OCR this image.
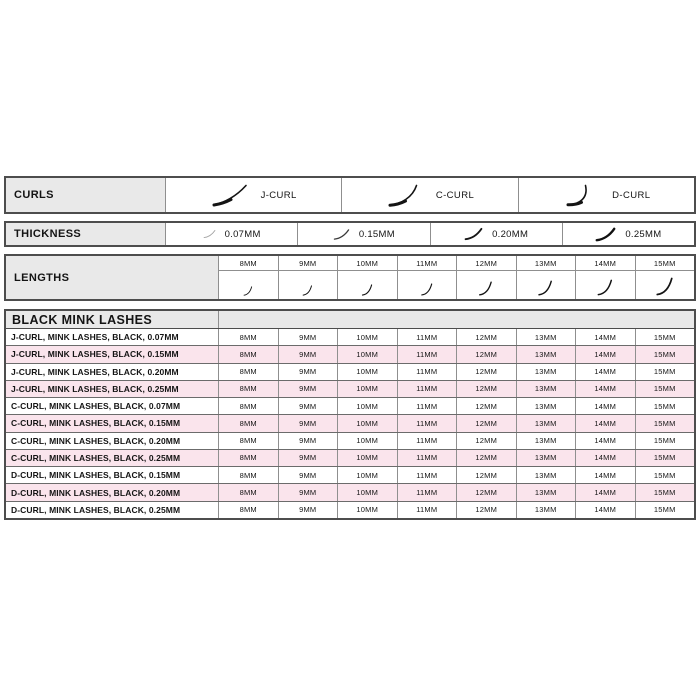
CURLS	J-CURL	C-CURL	D-CURL
THICKNESS	0.07MM	0.15MM	0.20MM	0.25MM
LENGTHS
8MM	9MM	10MM	11MM	12MM	13MM	14MM	15MM
BLACK MINK LASHES
J-CURL, MINK LASHES, BLACK, 0.07MM	8MM	9MM	10MM	11MM	12MM	13MM	14MM	15MM
J-CURL, MINK LASHES, BLACK, 0.15MM	8MM	9MM	10MM	11MM	12MM	13MM	14MM	15MM
J-CURL, MINK LASHES, BLACK, 0.20MM	8MM	9MM	10MM	11MM	12MM	13MM	14MM	15MM
J-CURL, MINK LASHES, BLACK, 0.25MM	8MM	9MM	10MM	11MM	12MM	13MM	14MM	15MM
C-CURL, MINK LASHES, BLACK, 0.07MM	8MM	9MM	10MM	11MM	12MM	13MM	14MM	15MM
C-CURL, MINK LASHES, BLACK, 0.15MM	8MM	9MM	10MM	11MM	12MM	13MM	14MM	15MM
C-CURL, MINK LASHES, BLACK, 0.20MM	8MM	9MM	10MM	11MM	12MM	13MM	14MM	15MM
C-CURL, MINK LASHES, BLACK, 0.25MM	8MM	9MM	10MM	11MM	12MM	13MM	14MM	15MM
D-CURL, MINK LASHES, BLACK, 0.15MM	8MM	9MM	10MM	11MM	12MM	13MM	14MM	15MM
D-CURL, MINK LASHES, BLACK, 0.20MM	8MM	9MM	10MM	11MM	12MM	13MM	14MM	15MM
D-CURL, MINK LASHES, BLACK, 0.25MM	8MM	9MM	10MM	11MM	12MM	13MM	14MM	15MM
